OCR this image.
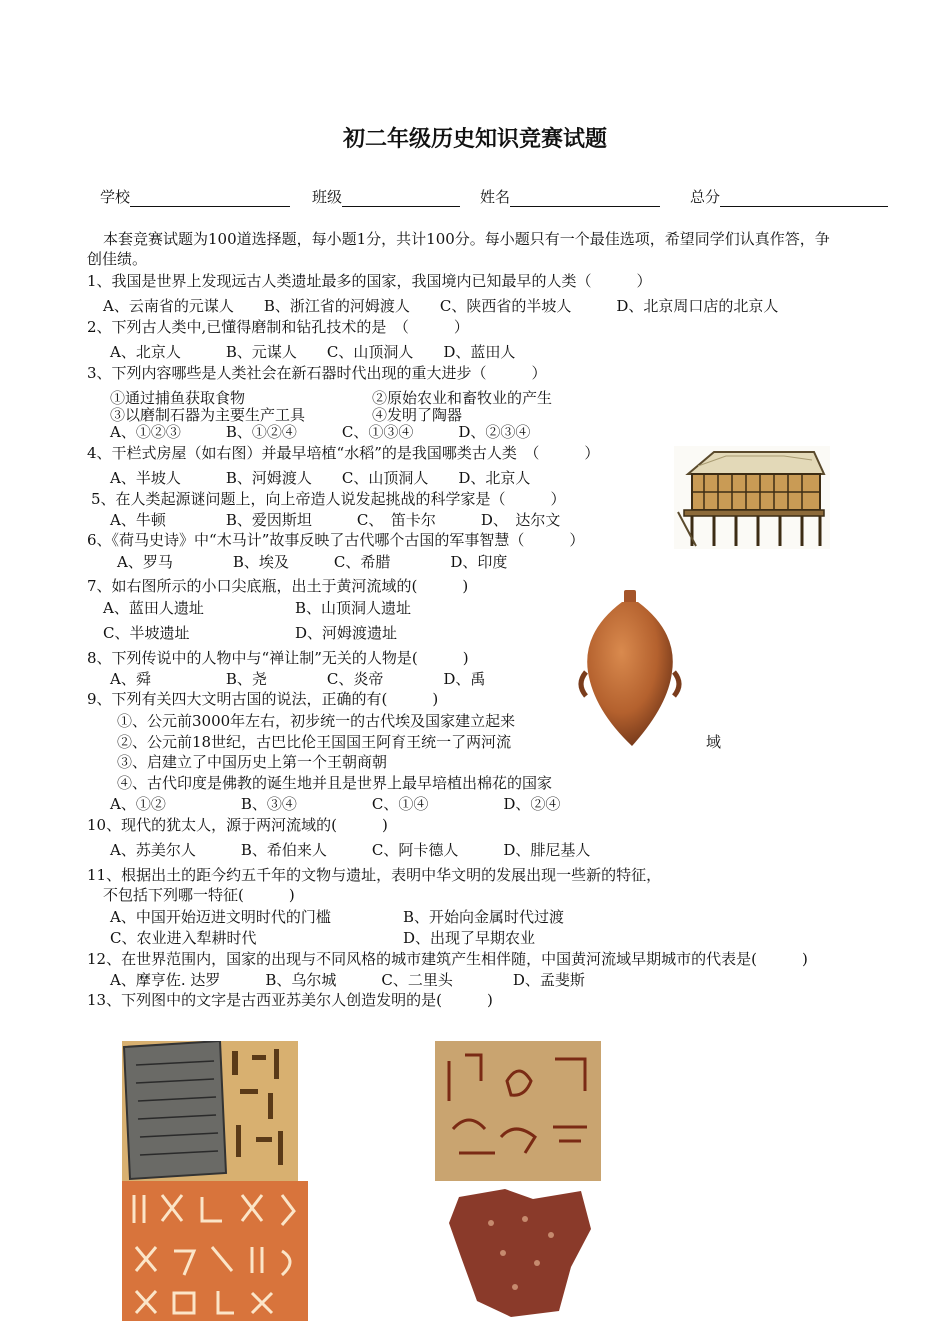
初二年级历史知识竞赛试题
学校	班级	姓名	总分
本套竞赛试题为100道选择题，每小题1分，共计100分。每小题只有一个最佳选项，希望同学们认真作答，争
创佳绩。
1、我国是世界上发现远古人类遗址最多的国家，我国境内已知最早的人类（　　　）
A、云南省的元谋人　　B、浙江省的河姆渡人　　C、陕西省的半坡人　　　D、北京周口店的北京人
2、下列古人类中,已懂得磨制和钻孔技术的是　（　　　）
A、北京人　　　B、元谋人　　C、山顶洞人　　D、蓝田人
3、下列内容哪些是人类社会在新石器时代出现的重大进步（　　　）
①通过捕鱼获取食物	②原始农业和畜牧业的产生
③以磨制石器为主要生产工具	④发明了陶器
A、①②③　　　B、①②④　　　C、①③④　　　D、②③④
4、干栏式房屋（如右图）并最早培植“水稻”的是我国哪类古人类　（　　　）
A、半坡人　　　B、河姆渡人　　C、山顶洞人　　D、北京人
5、在人类起源谜问题上，向上帝造人说发起挑战的科学家是（　　　）
A、牛顿　　　　B、爱因斯坦　　　C、　笛卡尔　　　D、　达尔文
6、《荷马史诗》中“木马计”故事反映了古代哪个古国的军事智慧（　　　）
A、罗马　　　　B、埃及　　　C、希腊　　　　D、印度
7、如右图所示的小口尖底瓶，出土于黄河流域的(　　　)
A、蓝田人遗址	B、山顶洞人遗址
C、半坡遗址	D、河姆渡遗址
8、下列传说中的人物中与“禅让制”无关的人物是(　　　)
A、舜　　　　　B、尧　　　　C、炎帝　　　　D、禹
9、下列有关四大文明古国的说法，正确的有(　　　)
①、公元前3000年左右，初步统一的古代埃及国家建立起来
②、公元前18世纪，古巴比伦王国国王阿育王统一了两河流	域
③、启建立了中国历史上第一个王朝商朝
④、古代印度是佛教的诞生地并且是世界上最早培植出棉花的国家
A、①②　　　　　B、③④　　　　　C、①④　　　　　D、②④
10、现代的犹太人，源于两河流域的(　　　)
A、苏美尔人　　　B、希伯来人　　　C、阿卡德人　　　D、腓尼基人
11、根据出土的距今约五千年的文物与遗址，表明中华文明的发展出现一些新的特征，
不包括下列哪一特征(　　　)
A、中国开始迈进文明时代的门槛	B、开始向金属时代过渡
C、农业进入犁耕时代	D、出现了早期农业
12、在世界范围内，国家的出现与不同风格的城市建筑产生相伴随，中国黄河流域早期城市的代表是(　　　)
A、摩亨佐. 达罗　　　B、乌尔城　　　C、二里头　　　　D、孟斐斯
13、下列图中的文字是古西亚苏美尔人创造发明的是(　　　)
